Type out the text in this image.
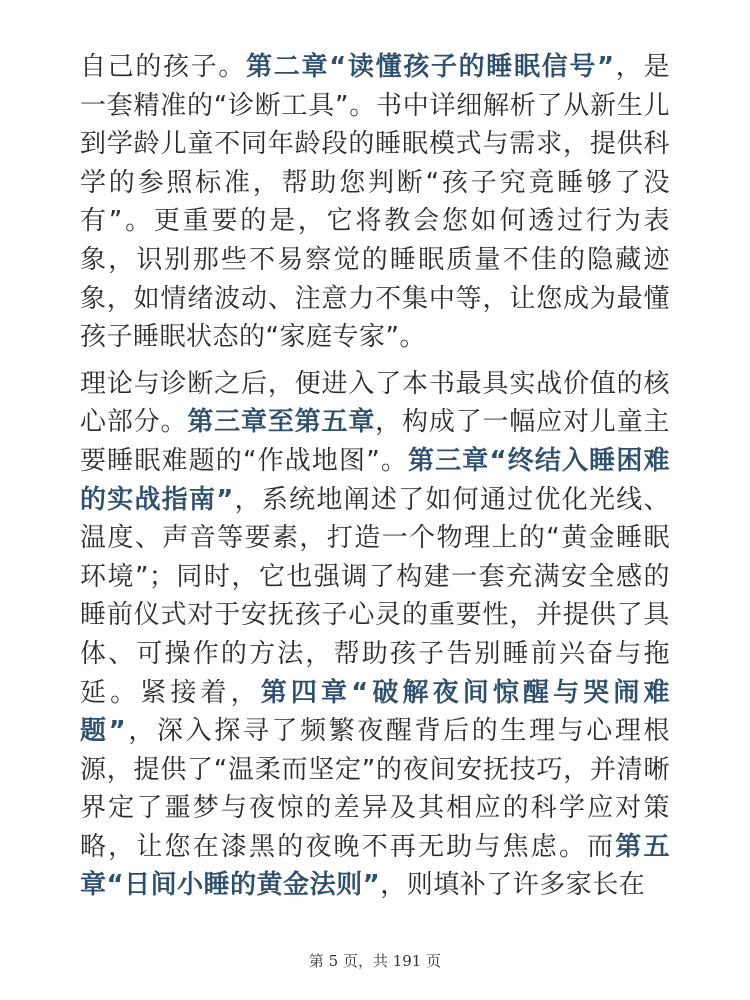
自己的孩子。第二章“读懂孩子的睡眠信号”，是一套精准的“诊断工具”。书中详细解析了从新生儿到学龄儿童不同年龄段的睡眠模式与需求，提供科学的参照标准，帮助您判断“孩子究竟睡够了没有”。更重要的是，它将教会您如何透过行为表象，识别那些不易察觉的睡眠质量不佳的隐藏迹象，如情绪波动、注意力不集中等，让您成为最懂孩子睡眠状态的“家庭专家”。

理论与诊断之后，便进入了本书最具实战价值的核心部分。第三章至第五章，构成了一幅应对儿童主要睡眠难题的“作战地图”。第三章“终结入睡困难的实战指南”，系统地阐述了如何通过优化光线、温度、声音等要素，打造一个物理上的“黄金睡眠环境”；同时，它也强调了构建一套充满安全感的睡前仪式对于安抚孩子心灵的重要性，并提供了具体、可操作的方法，帮助孩子告别睡前兴奋与拖延。紧接着，第四章“破解夜间惊醒与哭闹难题”，深入探寻了频繁夜醒背后的生理与心理根源，提供了“温柔而坚定”的夜间安抚技巧，并清晰界定了噩梦与夜惊的差异及其相应的科学应对策略，让您在漆黑的夜晚不再无助与焦虑。而第五章“日间小睡的黄金法则”，则填补了许多家长在

第 5 页，共 191 页
